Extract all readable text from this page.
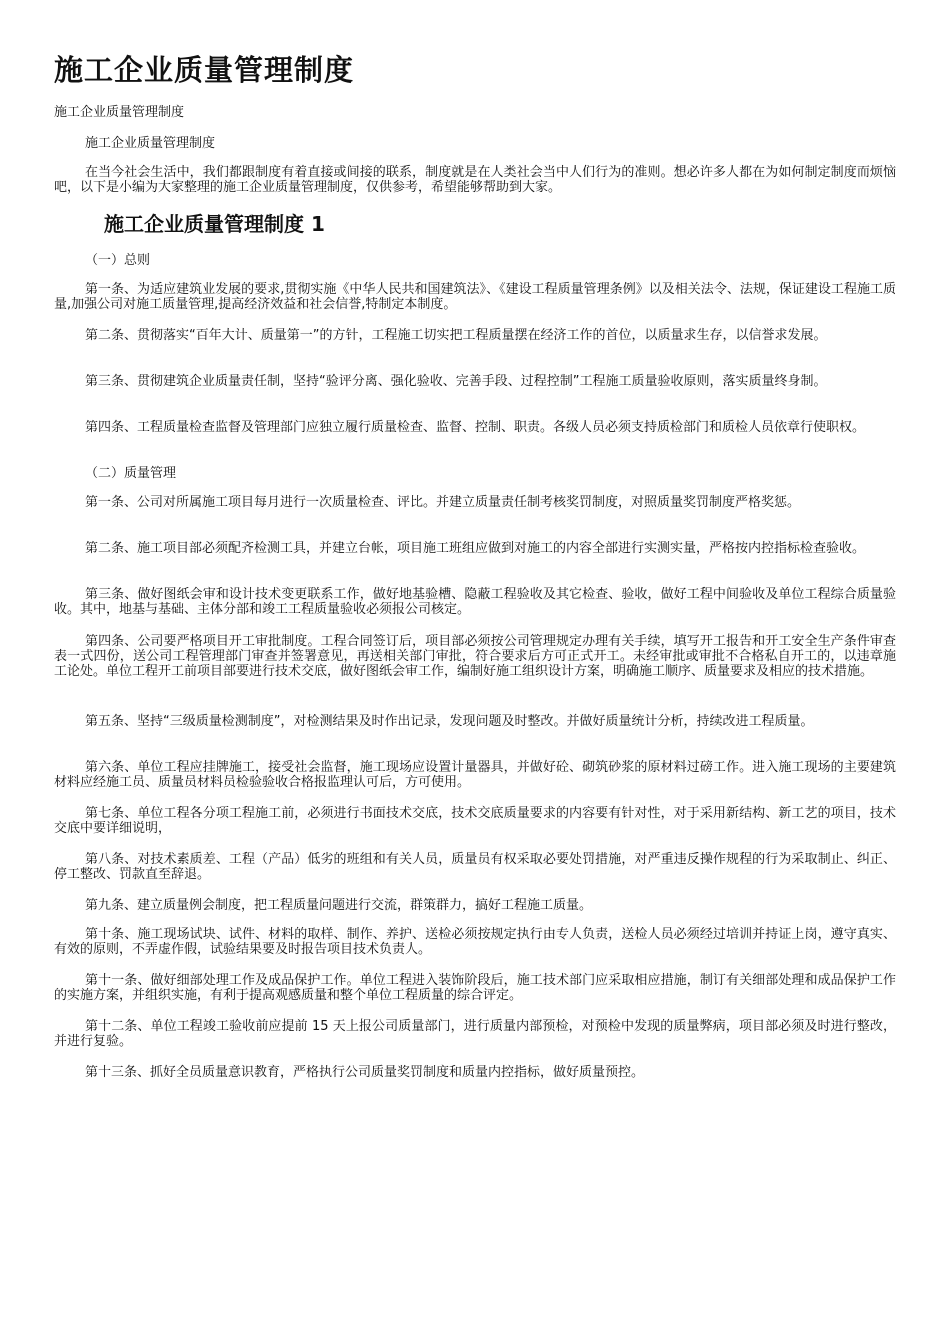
施工企业质量管理制度

施工企业质量管理制度

施工企业质量管理制度

在当今社会生活中，我们都跟制度有着直接或间接的联系，制度就是在人类社会当中人们行为的准则。想必许多人都在为如何制定制度而烦恼吧，以下是小编为大家整理的施工企业质量管理制度，仅供参考，希望能够帮助到大家。

施工企业质量管理制度 1

（一）总则

第一条、为适应建筑业发展的要求,贯彻实施《中华人民共和国建筑法》、《建设工程质量管理条例》以及相关法令、法规，保证建设工程施工质量,加强公司对施工质量管理,提高经济效益和社会信誉,特制定本制度。

第二条、贯彻落实“百年大计、质量第一”的方针，工程施工切实把工程质量摆在经济工作的首位，以质量求生存，以信誉求发展。

第三条、贯彻建筑企业质量责任制，坚持“验评分离、强化验收、完善手段、过程控制”工程施工质量验收原则，落实质量终身制。

第四条、工程质量检查监督及管理部门应独立履行质量检查、监督、控制、职责。各级人员必须支持质检部门和质检人员依章行使职权。

（二）质量管理

第一条、公司对所属施工项目每月进行一次质量检查、评比。并建立质量责任制考核奖罚制度，对照质量奖罚制度严格奖惩。

第二条、施工项目部必须配齐检测工具，并建立台帐，项目施工班组应做到对施工的内容全部进行实测实量，严格按内控指标检查验收。

第三条、做好图纸会审和设计技术变更联系工作，做好地基验槽、隐蔽工程验收及其它检查、验收，做好工程中间验收及单位工程综合质量验收。其中，地基与基础、主体分部和竣工工程质量验收必须报公司核定。

第四条、公司要严格项目开工审批制度。工程合同签订后，项目部必须按公司管理规定办理有关手续，填写开工报告和开工安全生产条件审查表一式四份，送公司工程管理部门审查并签署意见，再送相关部门审批，符合要求后方可正式开工。未经审批或审批不合格私自开工的，以违章施工论处。单位工程开工前项目部要进行技术交底，做好图纸会审工作，编制好施工组织设计方案，明确施工顺序、质量要求及相应的技术措施。

第五条、坚持“三级质量检测制度”，对检测结果及时作出记录，发现问题及时整改。并做好质量统计分析，持续改进工程质量。

第六条、单位工程应挂牌施工，接受社会监督，施工现场应设置计量器具，并做好砼、砌筑砂浆的原材料过磅工作。进入施工现场的主要建筑材料应经施工员、质量员材料员检验验收合格报监理认可后，方可使用。

第七条、单位工程各分项工程施工前，必须进行书面技术交底，技术交底质量要求的内容要有针对性，对于采用新结构、新工艺的项目，技术交底中要详细说明，

第八条、对技术素质差、工程（产品）低劣的班组和有关人员，质量员有权采取必要处罚措施，对严重违反操作规程的行为采取制止、纠正、停工整改、罚款直至辞退。

第九条、建立质量例会制度，把工程质量问题进行交流，群策群力，搞好工程施工质量。

第十条、施工现场试块、试件、材料的取样、制作、养护、送检必须按规定执行由专人负责，送检人员必须经过培训并持证上岗，遵守真实、有效的原则，不弄虚作假，试验结果要及时报告项目技术负责人。

第十一条、做好细部处理工作及成品保护工作。单位工程进入装饰阶段后，施工技术部门应采取相应措施，制订有关细部处理和成品保护工作的实施方案，并组织实施，有利于提高观感质量和整个单位工程质量的综合评定。

第十二条、单位工程竣工验收前应提前 15 天上报公司质量部门，进行质量内部预检，对预检中发现的质量弊病，项目部必须及时进行整改，并进行复验。

第十三条、抓好全员质量意识教育，严格执行公司质量奖罚制度和质量内控指标，做好质量预控。
